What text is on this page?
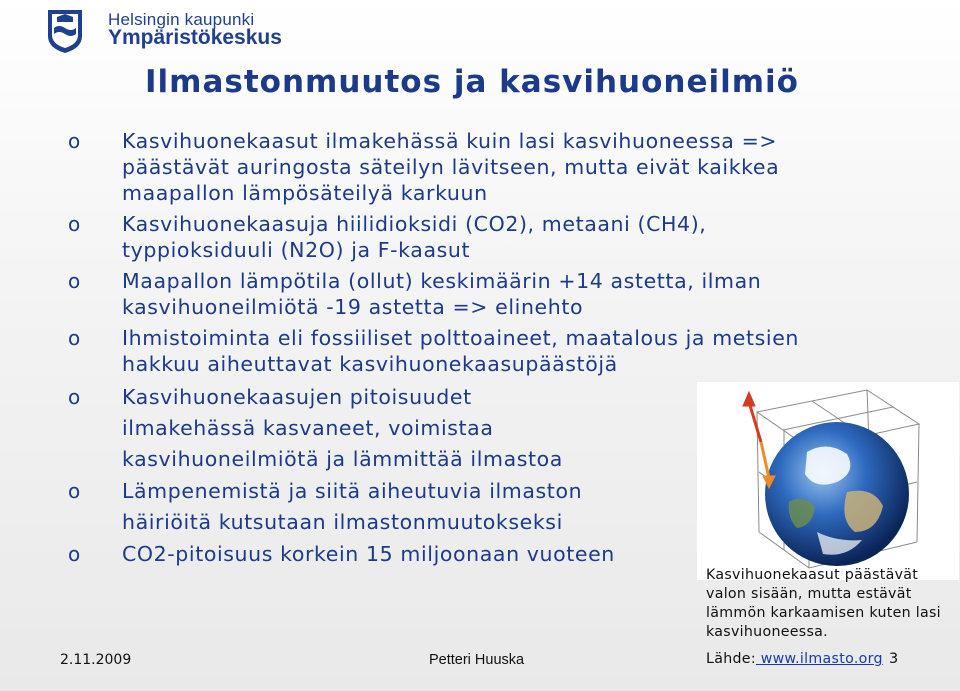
Helsingin kaupunki
Ympäristökeskus
Ilmastonmuutos ja kasvihuoneilmiö
o Kasvihuonekaasut ilmakehässä kuin lasi kasvihuoneessa =>
päästävät auringosta säteilyn lävitseen, mutta eivät kaikkea
maapallon lämpösäteilyä karkuun
o Kasvihuonekaasuja hiilidioksidi (CO2), metaani (CH4),
typpioksiduuli (N2O) ja F-kaasut
o Maapallon lämpötila (ollut) keskimäärin +14 astetta, ilman
kasvihuoneilmiötä -19 astetta => elinehto
o Ihmistoiminta eli fossiiliset polttoaineet, maatalous ja metsien
hakkuu aiheuttavat kasvihuonekaasupäästöjä
o Kasvihuonekaasujen pitoisuudet
ilmakehässä kasvaneet, voimistaa
kasvihuoneilmiötä ja lämmittää ilmastoa
o Lämpenemistä ja siitä aiheutuvia ilmaston
häiriöitä kutsutaan ilmastonmuutokseksi
o CO2-pitoisuus korkein 15 miljoonaan vuoteen
Kasvihuonekaasut päästävät valon sisään, mutta estävät lämmön karkaamisen kuten lasi kasvihuoneessa.
2.11.2009	Petteri Huuska	Lähde: www.ilmasto.org 3
